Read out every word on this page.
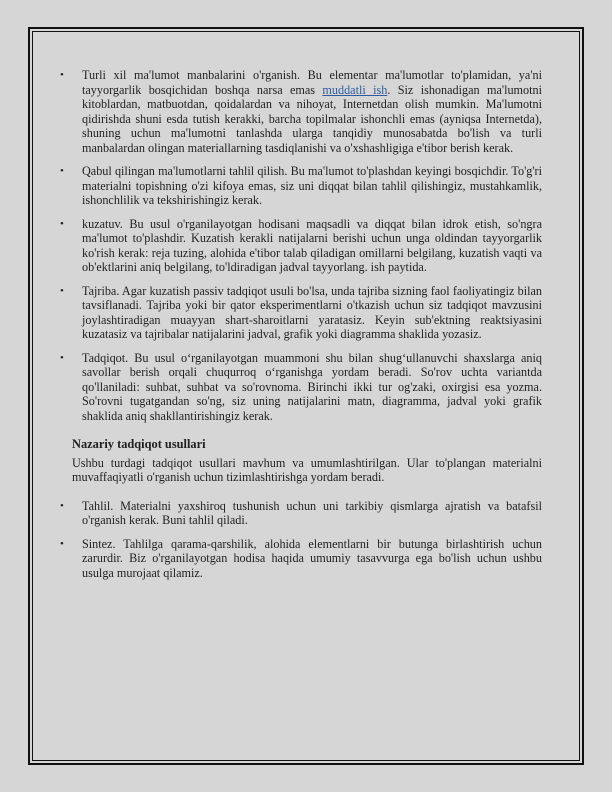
• Turli xil ma'lumot manbalarini o'rganish. Bu elementar ma'lumotlar to'plamidan, ya'ni tayyorgarlik bosqichidan boshqa narsa emas muddatli ish. Siz ishonadigan ma'lumotni kitoblardan, matbuotdan, qoidalardan va nihoyat, Internetdan olish mumkin. Ma'lumotni qidirishda shuni esda tutish kerakki, barcha topilmalar ishonchli emas (ayniqsa Internetda), shuning uchun ma'lumotni tanlashda ularga tanqidiy munosabatda bo'lish va turli manbalardan olingan materiallarning tasdiqlanishi va o'xshashligiga e'tibor berish kerak.
• Qabul qilingan ma'lumotlarni tahlil qilish. Bu ma'lumot to'plashdan keyingi bosqichdir. To'g'ri materialni topishning o'zi kifoya emas, siz uni diqqat bilan tahlil qilishingiz, mustahkamlik, ishonchlilik va tekshirishingiz kerak.
• kuzatuv. Bu usul o'rganilayotgan hodisani maqsadli va diqqat bilan idrok etish, so'ngra ma'lumot to'plashdir. Kuzatish kerakli natijalarni berishi uchun unga oldindan tayyorgarlik ko'rish kerak: reja tuzing, alohida e'tibor talab qiladigan omillarni belgilang, kuzatish vaqti va ob'ektlarini aniq belgilang, to'ldiradigan jadval tayyorlang. ish paytida.
• Tajriba. Agar kuzatish passiv tadqiqot usuli bo'lsa, unda tajriba sizning faol faoliyatingiz bilan tavsiflanadi. Tajriba yoki bir qator eksperimentlarni o'tkazish uchun siz tadqiqot mavzusini joylashtiradigan muayyan shart-sharoitlarni yaratasiz. Keyin sub'ektning reaktsiyasini kuzatasiz va tajribalar natijalarini jadval, grafik yoki diagramma shaklida yozasiz.
• Tadqiqot. Bu usul o‘rganilayotgan muammoni shu bilan shug‘ullanuvchi shaxslarga aniq savollar berish orqali chuqurroq o‘rganishga yordam beradi. So'rov uchta variantda qo'llaniladi: suhbat, suhbat va so'rovnoma. Birinchi ikki tur og'zaki, oxirgisi esa yozma. So'rovni tugatgandan so'ng, siz uning natijalarini matn, diagramma, jadval yoki grafik shaklida aniq shakllantirishingiz kerak.
Nazariy tadqiqot usullari

Ushbu turdagi tadqiqot usullari mavhum va umumlashtirilgan. Ular to'plangan materialni muvaffaqiyatli o'rganish uchun tizimlashtirishga yordam beradi.

• Tahlil. Materialni yaxshiroq tushunish uchun uni tarkibiy qismlarga ajratish va batafsil o'rganish kerak. Buni tahlil qiladi.
• Sintez. Tahlilga qarama-qarshilik, alohida elementlarni bir butunga birlashtirish uchun zarurdir. Biz o'rganilayotgan hodisa haqida umumiy tasavvurga ega bo'lish uchun ushbu usulga murojaat qilamiz.
